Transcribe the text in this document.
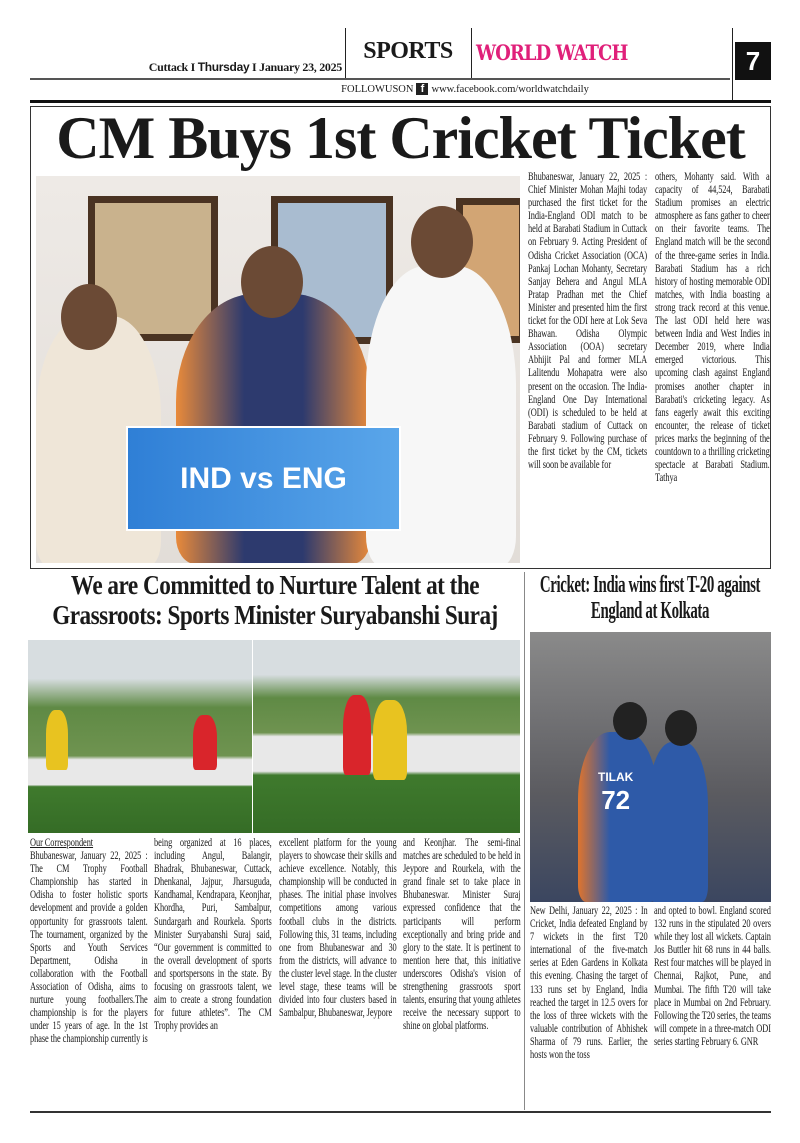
Cuttack I Thursday I January 23, 2025
SPORTS	WORLD WATCH	7
FOLLOWUSON f www.facebook.com/worldwatchdaily
CM Buys 1st Cricket Ticket
IND vs ENG
Bhubaneswar, January 22, 2025 : Chief Minister Mohan Majhi today purchased the first ticket for the India-England ODI match to be held at Barabati Stadium in Cuttack on February 9. Acting President of Odisha Cricket Association (OCA) Pankaj Lochan Mohanty, Secretary Sanjay Behera and Angul MLA Pratap Pradhan met the Chief Minister and presented him the first ticket for the ODI here at Lok Seva Bhawan. Odisha Olympic Association (OOA) secretary Abhijit Pal and former MLA Lalitendu Mohapatra were also present on the occasion. The India-England One Day International (ODI) is scheduled to be held at Barabati stadium of Cuttack on February 9. Following purchase of the first ticket by the CM, tickets will soon be available for
others, Mohanty said. With a capacity of 44,524, Barabati Stadium promises an electric atmosphere as fans gather to cheer on their favorite teams. The England match will be the second of the three-game series in India. Barabati Stadium has a rich history of hosting memorable ODI matches, with India boasting a strong track record at this venue. The last ODI held here was between India and West Indies in December 2019, where India emerged victorious. This upcoming clash against England promises another chapter in Barabati's cricketing legacy. As fans eagerly await this exciting encounter, the release of ticket prices marks the beginning of the countdown to a thrilling cricketing spectacle at Barabati Stadium. Tathya
We are Committed to Nurture Talent at the Grassroots: Sports Minister Suryabanshi Suraj
Our Correspondent
Bhubaneswar, January 22, 2025 : The CM Trophy Football Championship has started in Odisha to foster holistic sports development and provide a golden opportunity for grassroots talent. The tournament, organized by the Sports and Youth Services Department, Odisha in collaboration with the Football Association of Odisha, aims to nurture young footballers.The championship is for the players under 15 years of age. In the 1st phase the championship currently is
being organized at 16 places, including Angul, Balangir, Bhadrak, Bhubaneswar, Cuttack, Dhenkanal, Jajpur, Jharsuguda, Kandhamal, Kendrapara, Keonjhar, Khordha, Puri, Sambalpur, Sundargarh and Rourkela. Sports Minister Suryabanshi Suraj said, “Our government is committed to the overall development of sports and sportspersons in the state. By focusing on grassroots talent, we aim to create a strong foundation for future athletes”. The CM Trophy provides an
excellent platform for the young players to showcase their skills and achieve excellence. Notably, this championship will be conducted in phases. The initial phase involves competitions among various football clubs in the districts. Following this, 31 teams, including one from Bhubaneswar and 30 from the districts, will advance to the cluster level stage. In the cluster level stage, these teams will be divided into four clusters based in Sambalpur, Bhubaneswar, Jeypore
and Keonjhar. The semi-final matches are scheduled to be held in Jeypore and Rourkela, with the grand finale set to take place in Bhubaneswar. Minister Suraj expressed confidence that the participants will perform exceptionally and bring pride and glory to the state. It is pertinent to mention here that, this initiative underscores Odisha's vision of strengthening grassroots sport talents, ensuring that young athletes receive the necessary support to shine on global platforms.
Cricket: India wins first T-20 against England at Kolkata
TILAK
72
New Delhi, January 22, 2025 : In Cricket, India defeated England by 7 wickets in the first T20 international of the five-match series at Eden Gardens in Kolkata this evening. Chasing the target of 133 runs set by England, India reached the target in 12.5 overs for the loss of three wickets with the valuable contribution of Abhishek Sharma of 79 runs. Earlier, the hosts won the toss
and opted to bowl. England scored 132 runs in the stipulated 20 overs while they lost all wickets. Captain Jos Buttler hit 68 runs in 44 balls. Rest four matches will be played in Chennai, Rajkot, Pune, and Mumbai. The fifth T20 will take place in Mumbai on 2nd February. Following the T20 series, the teams will compete in a three-match ODI series starting February 6. GNR
